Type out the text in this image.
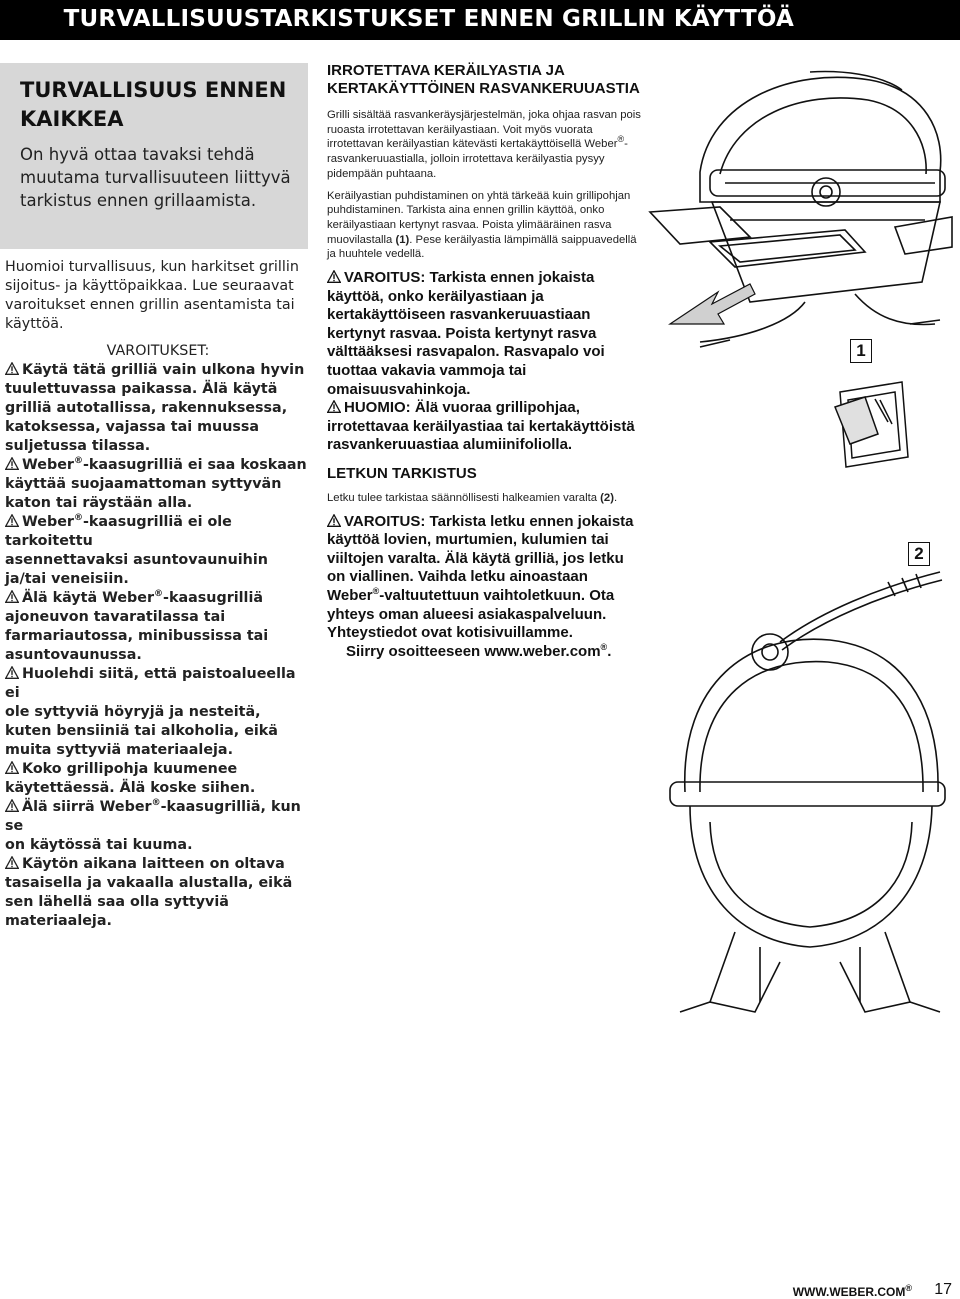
TURVALLISUUSTARKISTUKSET ENNEN GRILLIN KÄYTTÖÄ
TURVALLISUUS ENNEN
KAIKKEA

On hyvä ottaa tavaksi tehdä muutama turvallisuuteen liittyvä tarkistus ennen grillaamista.

Huomioi turvallisuus, kun harkitset grillin sijoitus- ja käyttöpaikkaa. Lue seuraavat varoitukset ennen grillin asentamista tai käyttöä.

VAROITUKSET:

Käytä tätä grilliä vain ulkona hyvin

tuulettuvassa paikassa. Älä käytä grilliä autotallissa, rakennuksessa, katoksessa, vajassa tai muussa suljetussa tilassa.

Weber®-kaasugrilliä ei saa koskaan

käyttää suojaamattoman syttyvän katon tai räystään alla.

Weber®-kaasugrilliä ei ole tarkoitettu

asennettavaksi asuntovaunuihin ja/tai veneisiin.

Älä käytä Weber®-kaasugrilliä

ajoneuvon tavaratilassa tai farmariautossa, minibussissa tai asuntovaunussa.

Huolehdi siitä, että paistoalueella ei

ole syttyviä höyryjä ja nesteitä, kuten bensiiniä tai alkoholia, eikä muita syttyviä materiaaleja.

Koko grillipohja kuumenee

käytettäessä. Älä koske siihen.

Älä siirrä Weber®-kaasugrilliä, kun se

on käytössä tai kuuma.

Käytön aikana laitteen on oltava

tasaisella ja vakaalla alustalla, eikä sen lähellä saa olla syttyviä materiaaleja.

IRROTETTAVA KERÄILYASTIA JA KERTAKÄYTTÖINEN RASVANKERUUASTIA

Grilli sisältää rasvankeräysjärjestelmän, joka ohjaa rasvan pois ruoasta irrotettavan keräilyastiaan. Voit myös vuorata irrotettavan keräilyastian kätevästi kertakäyttöisellä Weber®-rasvankeruuastialla, jolloin irrotettava keräilyastia pysyy pidempään puhtaana.

Keräilyastian puhdistaminen on yhtä tärkeää kuin grillipohjan puhdistaminen. Tarkista aina ennen grillin käyttöä, onko keräilyastiaan kertynyt rasvaa. Poista ylimääräinen rasva muovilastalla (1). Pese keräilyastia lämpimällä saippuavedellä ja huuhtele vedellä.

VAROITUS: Tarkista ennen jokaista käyttöä, onko keräilyastiaan ja kertakäyttöiseen rasvankeruuastiaan kertynyt rasvaa. Poista kertynyt rasva välttääksesi rasvapalon. Rasvapalo voi tuottaa vakavia vammoja tai omaisuusvahinkoja.

HUOMIO: Älä vuoraa grillipohjaa, irrotettavaa keräilyastiaa tai kertakäyttöistä rasvankeruuastiaa alumiinifoliolla.

LETKUN TARKISTUS

Letku tulee tarkistaa säännöllisesti halkeamien varalta (2).

VAROITUS: Tarkista letku ennen jokaista käyttöä lovien, murtumien, kulumien tai viiltojen varalta. Älä käytä grilliä, jos letku on viallinen. Vaihda letku ainoastaan Weber®-valtuutettuun vaihtoletkuun. Ota yhteys oman alueesi asiakaspalveluun. Yhteystiedot ovat kotisivuillamme.

Siirry osoitteeseen www.weber.com®.

1
2
WWW.WEBER.COM® 17
